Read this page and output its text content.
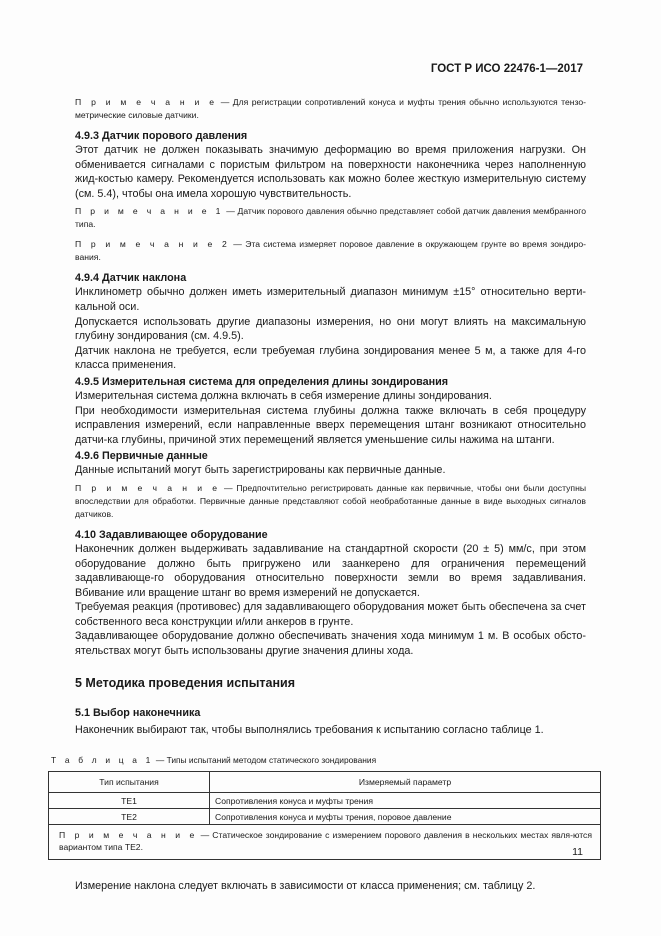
ГОСТ Р ИСО 22476-1—2017

П р и м е ч а н и е — Для регистрации сопротивлений конуса и муфты трения обычно используются тензо-метрические силовые датчики.

4.9.3 Датчик порового давления

Этот датчик не должен показывать значимую деформацию во время приложения нагрузки. Он обменивается сигналами с пористым фильтром на поверхности наконечника через наполненную жид-костью камеру. Рекомендуется использовать как можно более жесткую измерительную систему (см. 5.4), чтобы она имела хорошую чувствительность.

П р и м е ч а н и е 1 — Датчик порового давления обычно представляет собой датчик давления мембранного типа.

П р и м е ч а н и е 2 — Эта система измеряет поровое давление в окружающем грунте во время зондиро-вания.

4.9.4 Датчик наклона

Инклинометр обычно должен иметь измерительный диапазон минимум ±15° относительно верти-кальной оси.

Допускается использовать другие диапазоны измерения, но они могут влиять на максимальную глубину зондирования (см. 4.9.5).

Датчик наклона не требуется, если требуемая глубина зондирования менее 5 м, а также для 4-го класса применения.

4.9.5 Измерительная система для определения длины зондирования

Измерительная система должна включать в себя измерение длины зондирования.

При необходимости измерительная система глубины должна также включать в себя процедуру исправления измерений, если направленные вверх перемещения штанг возникают относительно датчи-ка глубины, причиной этих перемещений является уменьшение силы нажима на штанги.

4.9.6 Первичные данные

Данные испытаний могут быть зарегистрированы как первичные данные.

П р и м е ч а н и е — Предпочтительно регистрировать данные как первичные, чтобы они были доступны впоследствии для обработки. Первичные данные представляют собой необработанные данные в виде выходных сигналов датчиков.

4.10 Задавливающее оборудование

Наконечник должен выдерживать задавливание на стандартной скорости (20 ± 5) мм/с, при этом оборудование должно быть пригружено или заанкерено для ограничения перемещений задавливающе-го оборудования относительно поверхности земли во время задавливания. Вбивание или вращение штанг во время измерений не допускается.

Требуемая реакция (противовес) для задавливающего оборудования может быть обеспечена за счет собственного веса конструкции и/или анкеров в грунте.

Задавливающее оборудование должно обеспечивать значения хода минимум 1 м. В особых обсто-ятельствах могут быть использованы другие значения длины хода.

5 Методика проведения испытания

5.1 Выбор наконечника

Наконечник выбирают так, чтобы выполнялись требования к испытанию согласно таблице 1.

Т а б л и ц а 1 — Типы испытаний методом статического зондирования

Тип испытания	Измеряемый параметр
TE1	Сопротивления конуса и муфты трения
TE2	Сопротивления конуса и муфты трения, поровое давление
П р и м е ч а н и е — Статическое зондирование с измерением порового давления в нескольких местах явля-ются вариантом типа TE2.	

Измерение наклона следует включать в зависимости от класса применения; см. таблицу 2.

11
